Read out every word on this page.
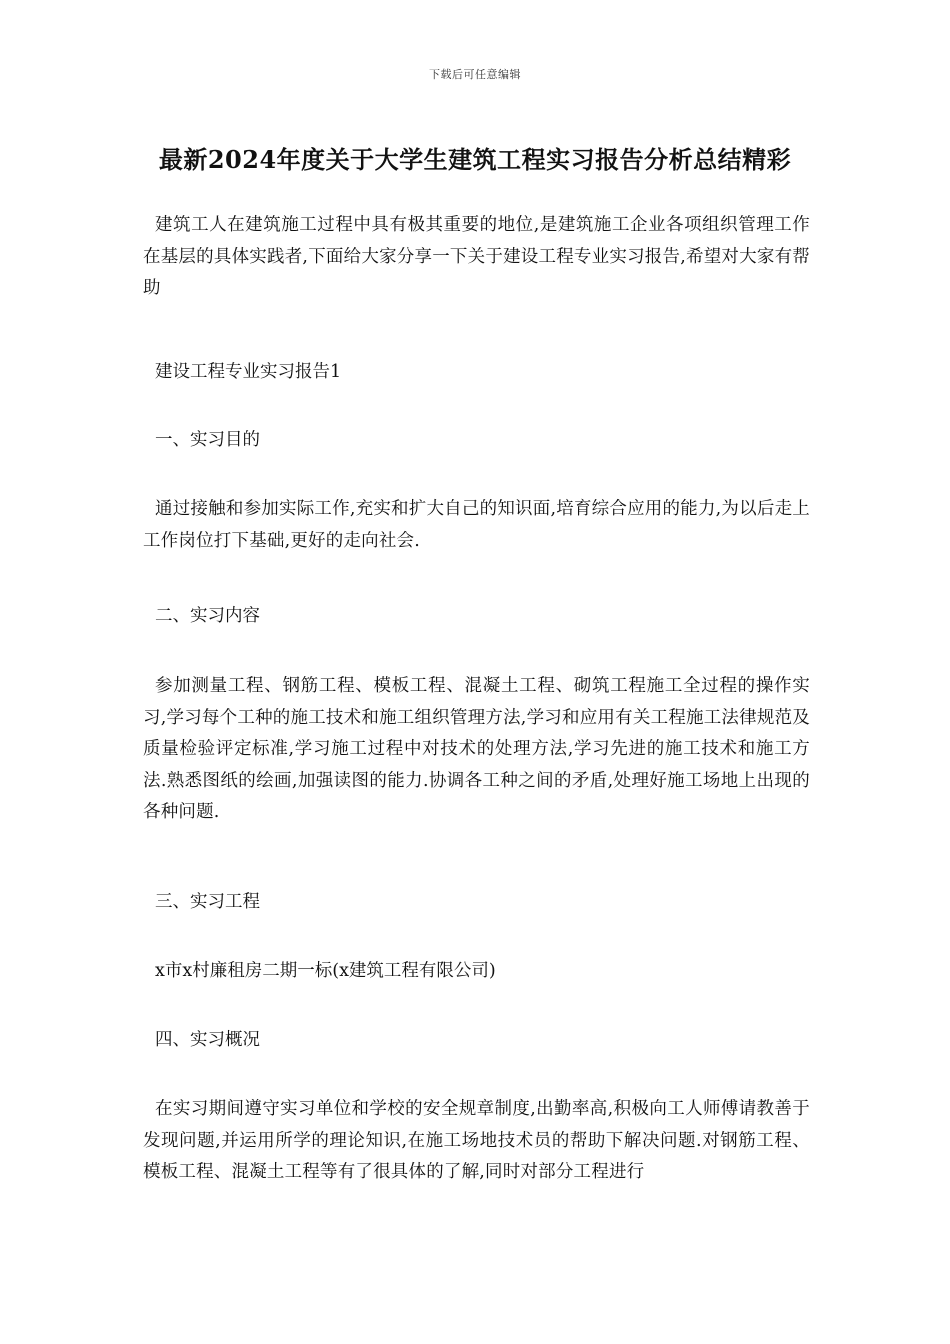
下载后可任意编辑
最新2024年度关于大学生建筑工程实习报告分析总结精彩

建筑工人在建筑施工过程中具有极其重要的地位,是建筑施工企业各项组织管理工作在基层的具体实践者,下面给大家分享一下关于建设工程专业实习报告,希望对大家有帮助

建设工程专业实习报告1
一、实习目的

通过接触和参加实际工作,充实和扩大自己的知识面,培育综合应用的能力,为以后走上工作岗位打下基础,更好的走向社会.

二、实习内容

参加测量工程、钢筋工程、模板工程、混凝土工程、砌筑工程施工全过程的操作实习,学习每个工种的施工技术和施工组织管理方法,学习和应用有关工程施工法律规范及质量检验评定标准,学习施工过程中对技术的处理方法,学习先进的施工技术和施工方法.熟悉图纸的绘画,加强读图的能力.协调各工种之间的矛盾,处理好施工场地上出现的各种问题.

三、实习工程
x市x村廉租房二期一标(x建筑工程有限公司)
四、实习概况

在实习期间遵守实习单位和学校的安全规章制度,出勤率高,积极向工人师傅请教善于发现问题,并运用所学的理论知识,在施工场地技术员的帮助下解决问题.对钢筋工程、模板工程、混凝土工程等有了很具体的了解,同时对部分工程进行
